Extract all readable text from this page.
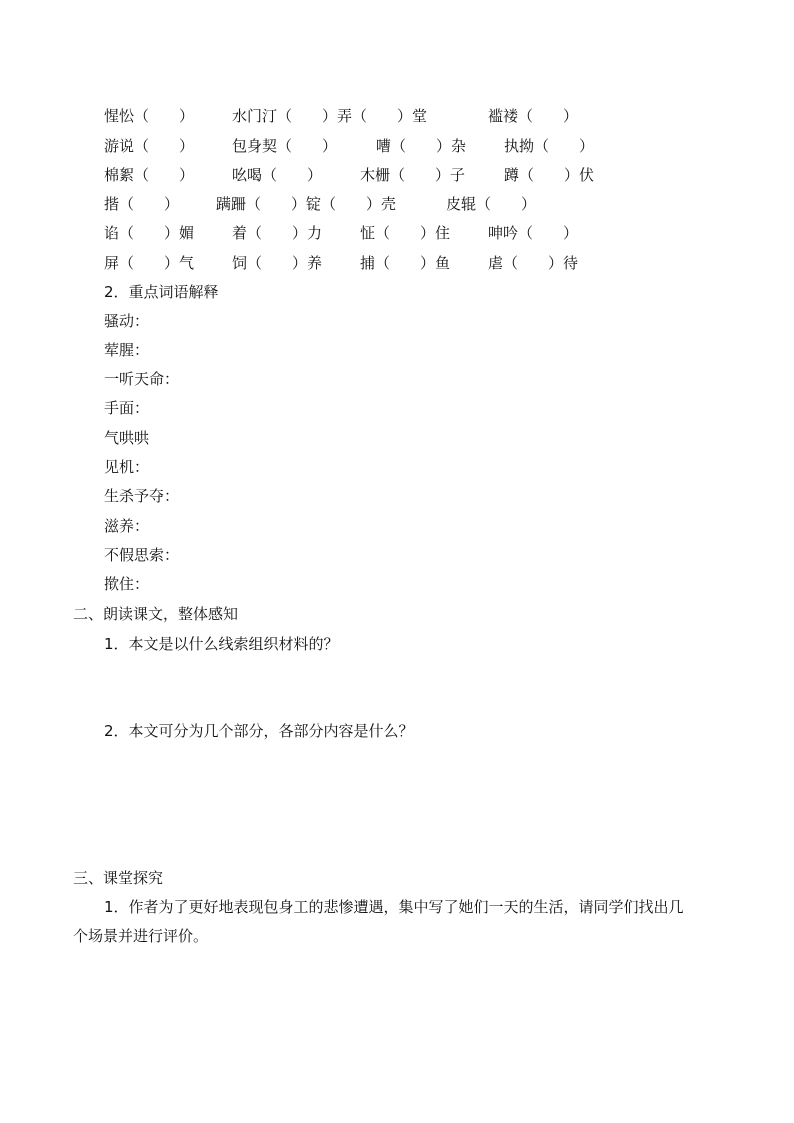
惺忪（　　）	水门汀（　　）弄（　　）堂	褴褛（　　）
游说（　　）	包身契（　　）	嘈（　　）杂	执拗（　　）
棉絮（　　）	吆喝（　　）	木栅（　　）子	蹲（　　）伏
揩（　　） 蹒跚（　　）锭（　　）壳	皮辊（　　）
谄（　　）媚	着（　　）力	怔（　　）住	呻吟（　　）
屏（　　）气	饲（　　）养	捕（　　）鱼	虐（　　）待
2．重点词语解释
骚动：
荤腥：
一听天命：
手面：
气哄哄
见机：
生杀予夺：
滋养：
不假思索：
揿住：
二、朗读课文，整体感知
1．本文是以什么线索组织材料的？
2．本文可分为几个部分，各部分内容是什么？
三、课堂探究
1．作者为了更好地表现包身工的悲惨遭遇，集中写了她们一天的生活，请同学们找出几
个场景并进行评价。
